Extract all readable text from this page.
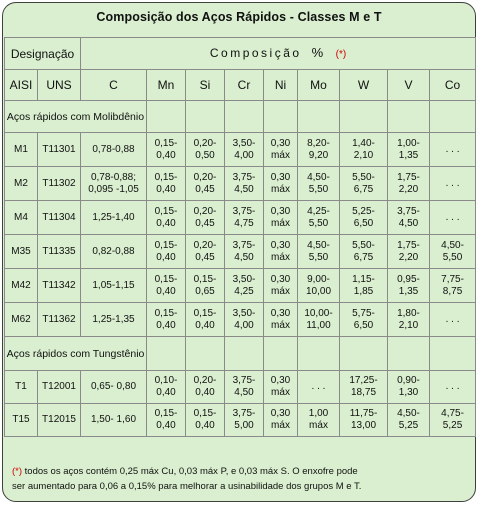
Composição dos Aços Rápidos - Classes M e T
Designação		Composição % (*)								
AISI	UNS	C	Mn	Si	Cr	Ni	Mo	W	V	Co
Aços rápidos com Molibdênio										
M1	T11301	0,78-0,88	0,15-
0,40	0,20-
0,50	3,50-
4,00	0,30
máx	8,20-
9,20	1,40-
2,10	1,00-
1,35	. . .
M2	T11302	0,78-0,88;
0,095 -1,05	0,15-
0,40	0,20-
0,45	3,75-
4,50	0,30
máx	4,50-
5,50	5,50-
6,75	1,75-
2,20	. . .
M4	T11304	1,25-1,40	0,15-
0,40	0,20-
0,45	3,75-
4,75	0,30
máx	4,25-
5,50	5,25-
6,50	3,75-
4,50	. . .
M35	T11335	0,82-0,88	0,15-
0,40	0,20-
0,45	3,75-
4,50	0,30
máx	4,50-
5,50	5,50-
6,75	1,75-
2,20	4,50-
5,50
M42	T11342	1,05-1,15	0,15-
0,40	0,15-
0,65	3,50-
4,25	0,30
máx	9,00-
10,00	1,15-
1,85	0,95-
1,35	7,75-
8,75
M62	T11362	1,25-1,35	0,15-
0,40	0,15-
0,40	3,50-
4,00	0,30
máx	10,00-
11,00	5,75-
6,50	1,80-
2,10	. . .
Aços rápidos com Tungstênio										
T1	T12001	0,65- 0,80	0,10-
0,40	0,20-
0,40	3,75-
4,50	0,30
máx	. . .	17,25-
18,75	0,90-
1,30	. . .
T15	T12015	1,50- 1,60	0,15-
0,40	0,15-
0,40	3,75-
5,00	0,30
máx	1,00
máx	11,75-
13,00	4,50-
5,25	4,75-
5,25
(*) todos os aços contém 0,25 máx Cu, 0,03 máx P, e 0,03 máx S. O enxofre pode
ser aumentado para 0,06 a 0,15% para melhorar a usinabilidade dos grupos M e T.
